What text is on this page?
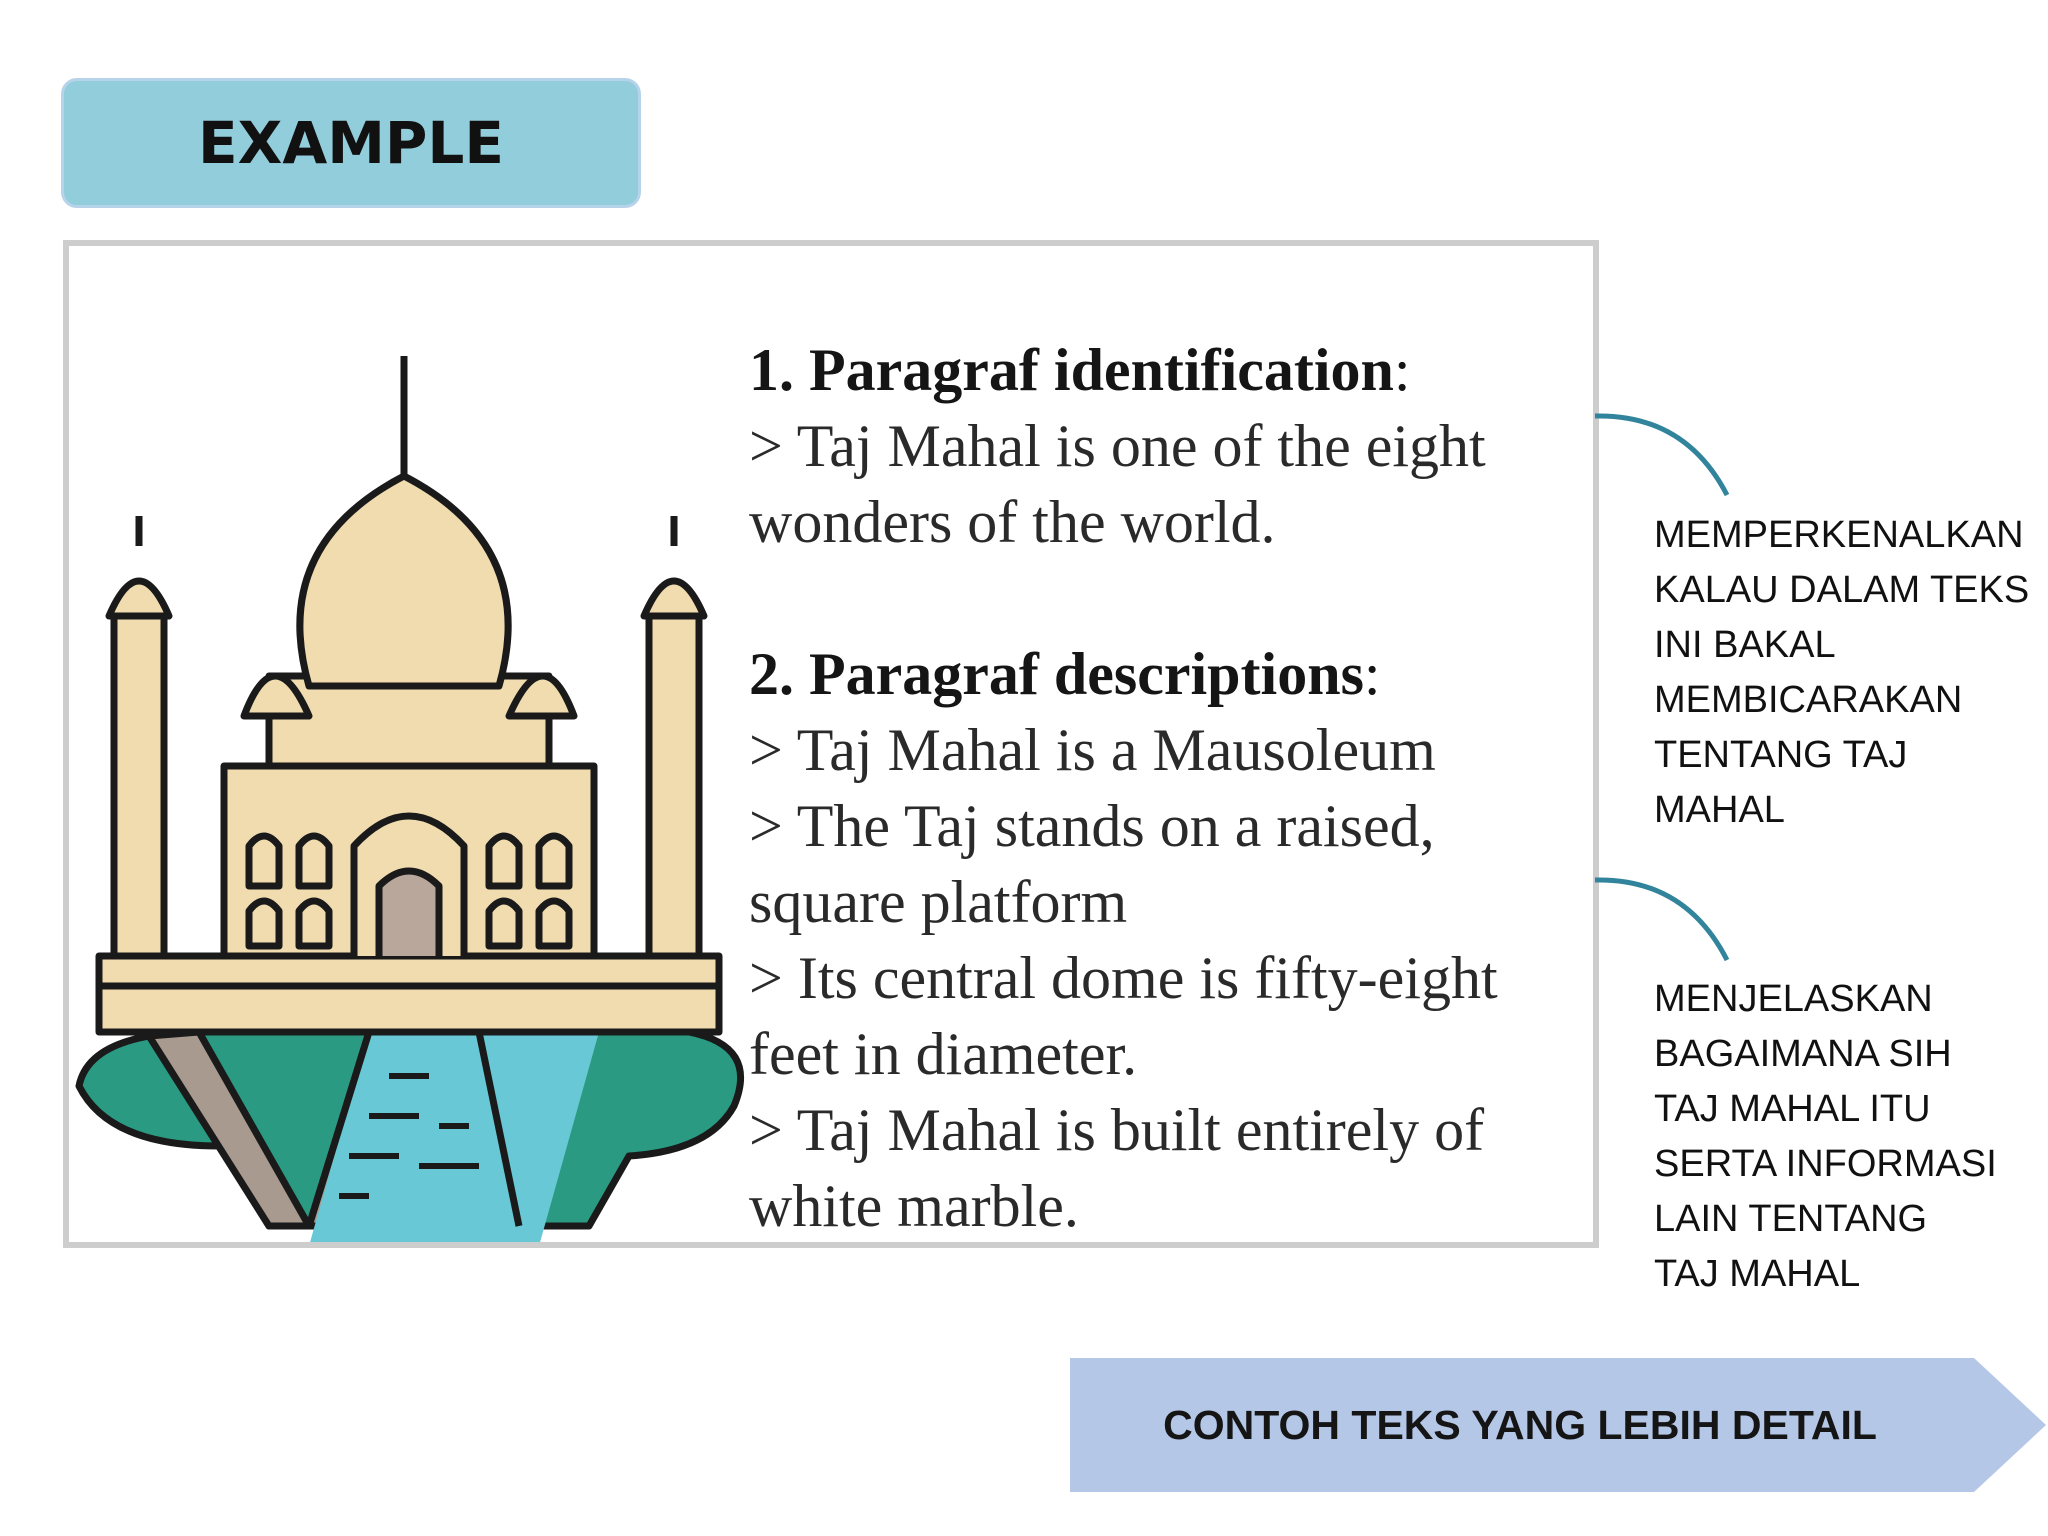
EXAMPLE
1. Paragraf identification:
> Taj Mahal is one of the eight
wonders of the world.
2. Paragraf descriptions:
> Taj Mahal is a Mausoleum
> The Taj stands on a raised,
square platform
> Its central dome is fifty-eight
feet in diameter.
> Taj Mahal is built entirely of
white marble.
MEMPERKENALKAN
KALAU DALAM TEKS
INI BAKAL
MEMBICARAKAN
TENTANG TAJ
MAHAL
MENJELASKAN
BAGAIMANA SIH
TAJ MAHAL ITU
SERTA INFORMASI
LAIN TENTANG
TAJ MAHAL
CONTOH TEKS YANG LEBIH DETAIL
